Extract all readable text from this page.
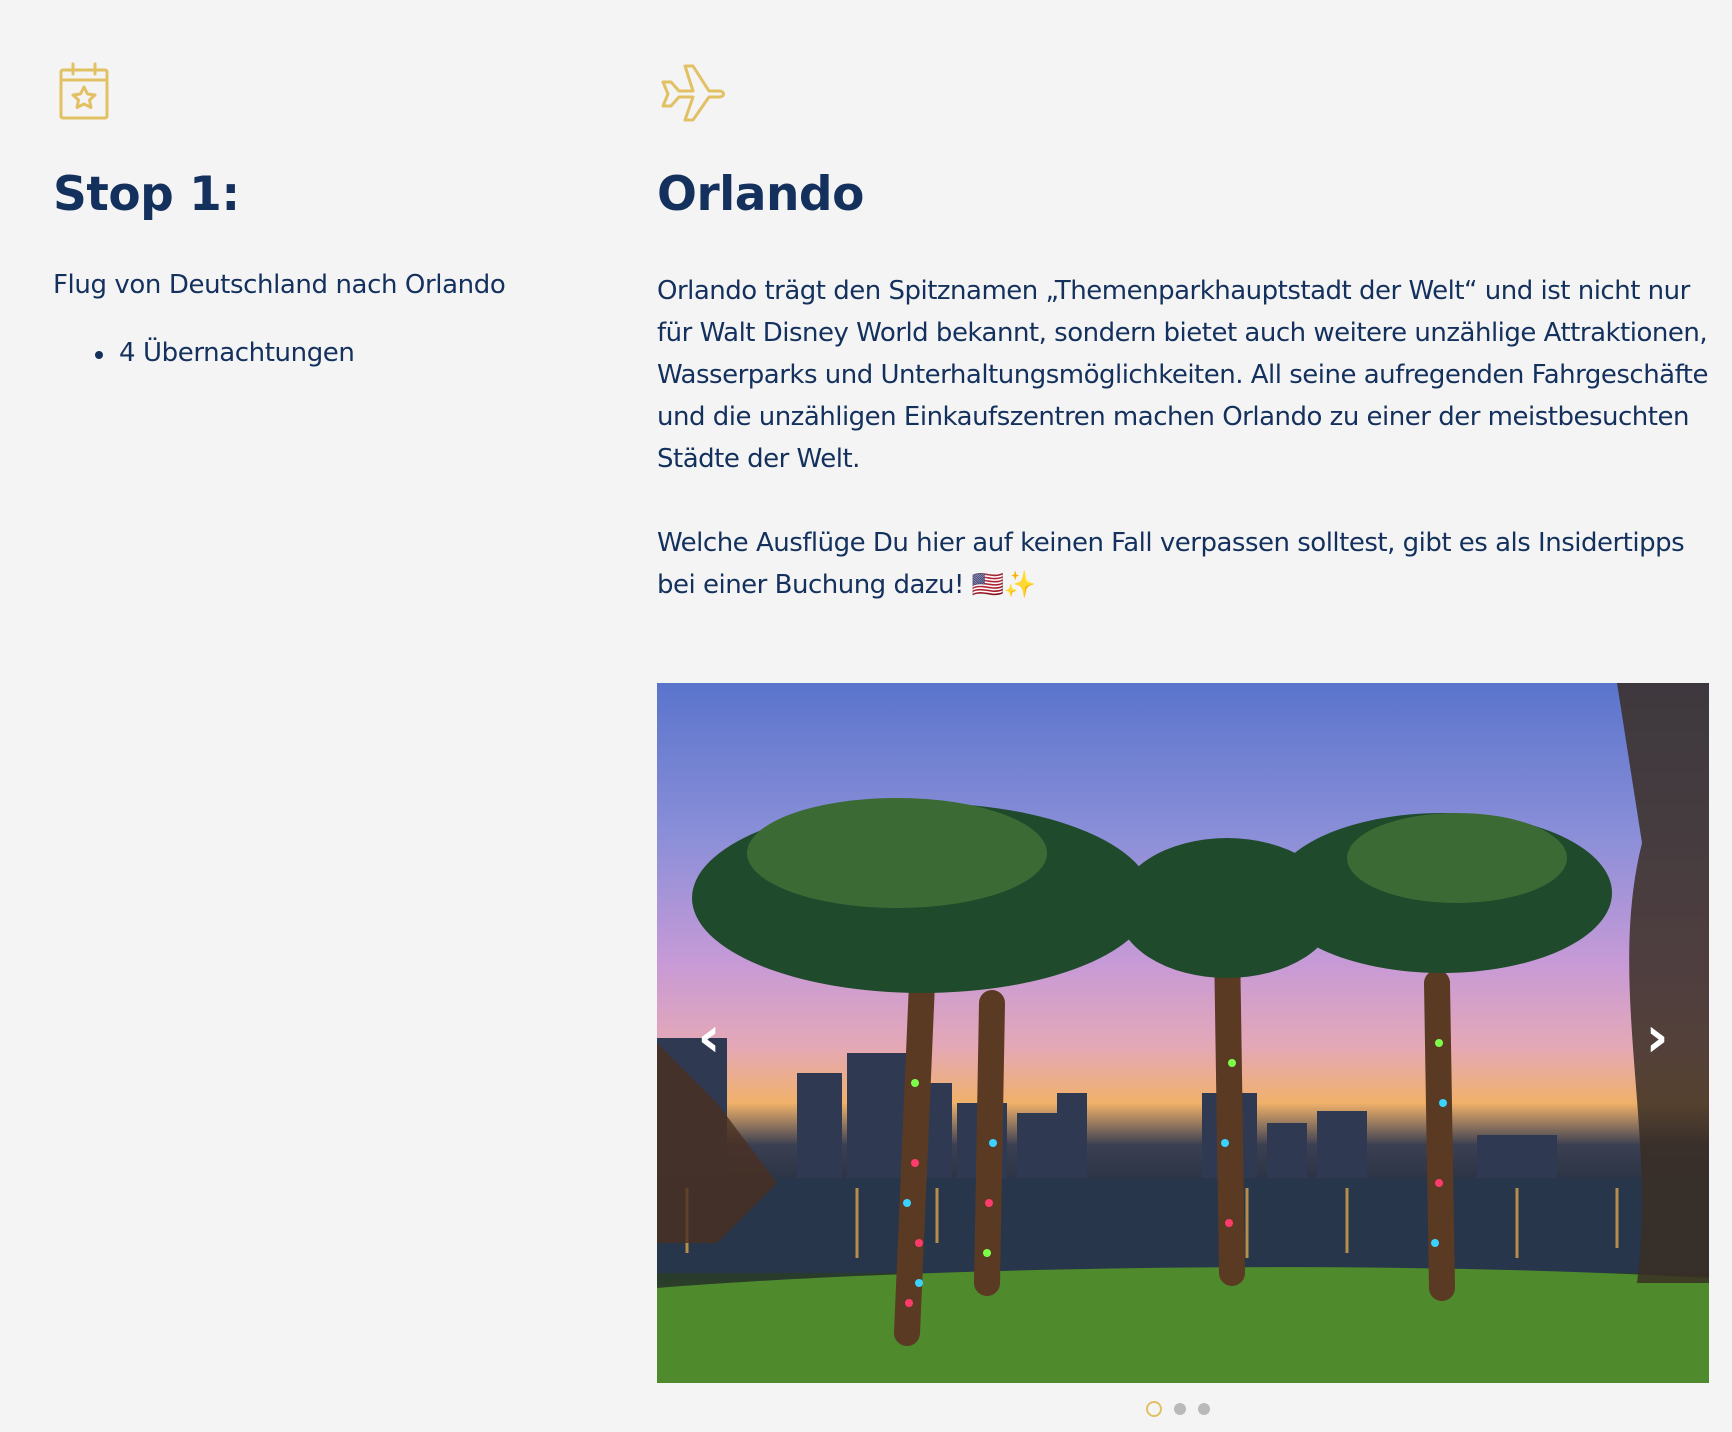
Stop 1:

Flug von Deutschland nach Orlando

4 Übernachtungen
Orlando

Orlando trägt den Spitznamen „Themenparkhauptstadt der Welt“ und ist nicht nur für Walt Disney World bekannt, sondern bietet auch weitere unzählige Attraktionen, Wasserparks und Unterhaltungsmöglichkeiten. All seine aufregenden Fahrgeschäfte und die unzähligen Einkaufszentren machen Orlando zu einer der meistbesuchten Städte der Welt.

Welche Ausflüge Du hier auf keinen Fall verpassen solltest, gibt es als Insidertipps bei einer Buchung dazu! 🇺🇸✨

‹	›
